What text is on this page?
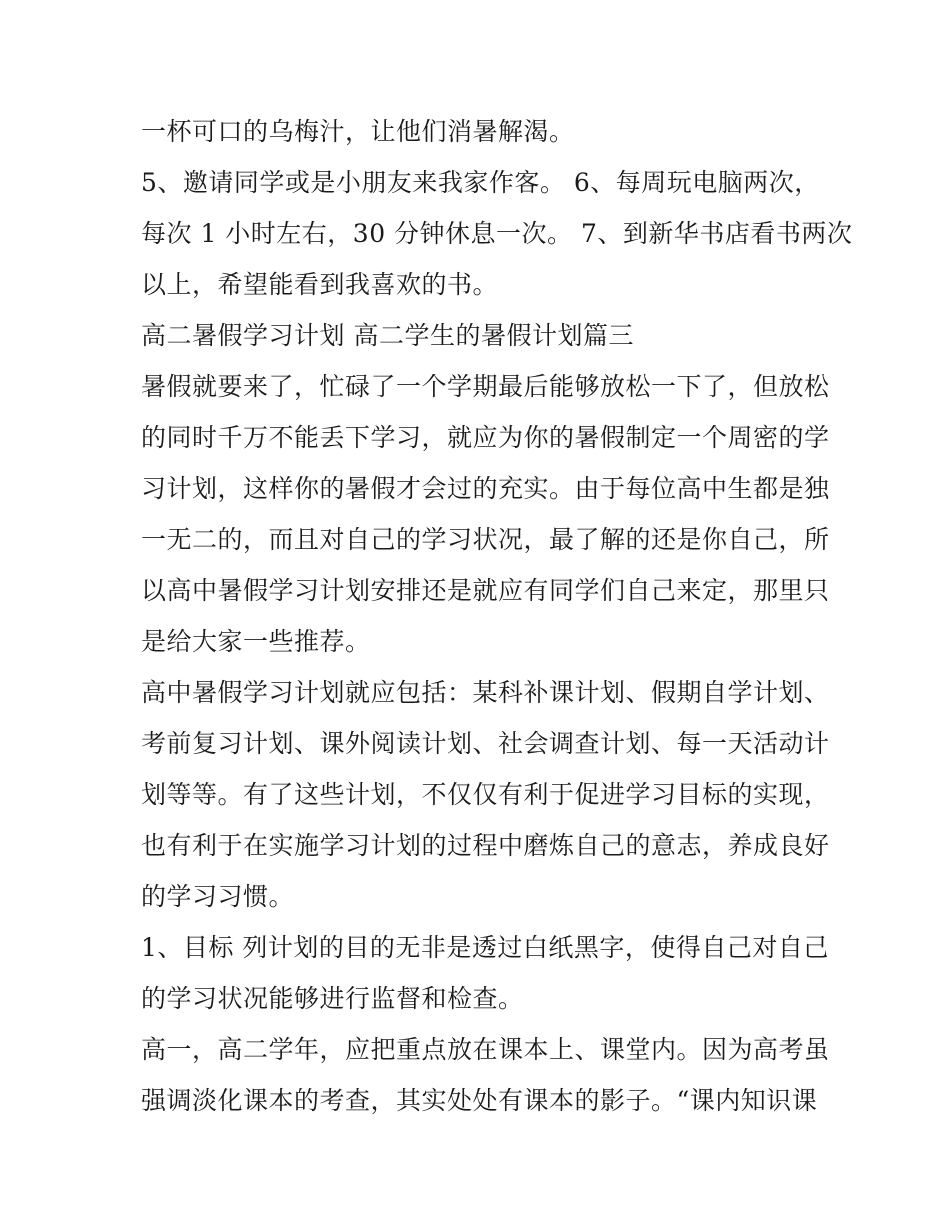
一杯可口的乌梅汁，让他们消暑解渴。
5、邀请同学或是小朋友来我家作客。 6、每周玩电脑两次，
每次 1 小时左右，30 分钟休息一次。 7、到新华书店看书两次
以上，希望能看到我喜欢的书。
高二暑假学习计划 高二学生的暑假计划篇三
暑假就要来了，忙碌了一个学期最后能够放松一下了，但放松
的同时千万不能丢下学习，就应为你的暑假制定一个周密的学
习计划，这样你的暑假才会过的充实。由于每位高中生都是独
一无二的，而且对自己的学习状况，最了解的还是你自己，所
以高中暑假学习计划安排还是就应有同学们自己来定，那里只
是给大家一些推荐。
高中暑假学习计划就应包括：某科补课计划、假期自学计划、
考前复习计划、课外阅读计划、社会调查计划、每一天活动计
划等等。有了这些计划，不仅仅有利于促进学习目标的实现，
也有利于在实施学习计划的过程中磨炼自己的意志，养成良好
的学习习惯。
1、目标 列计划的目的无非是透过白纸黑字，使得自己对自己
的学习状况能够进行监督和检查。
高一，高二学年，应把重点放在课本上、课堂内。因为高考虽
强调淡化课本的考查，其实处处有课本的影子。“课内知识课
